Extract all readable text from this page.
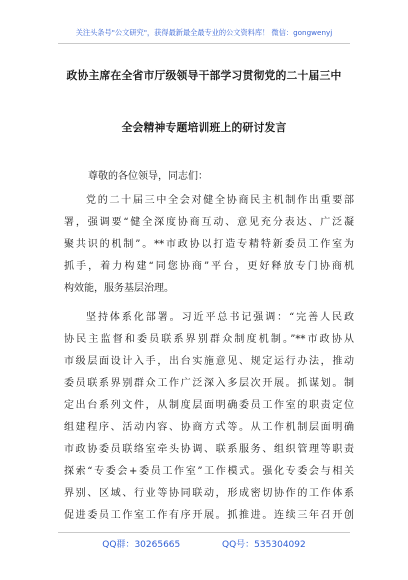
关注头条号"公文研究"，获得最新最全最专业的公文资料库！ 微信：gongwenyj
政协主席在全省市厅级领导干部学习贯彻党的二十届三中
全会精神专题培训班上的研讨发言
尊敬的各位领导，同志们：
党的二十届三中全会对健全协商民主机制作出重要部
署，强调要“健全深度协商互动、意见充分表达、广泛凝
聚共识的机制”。**市政协以打造专精特新委员工作室为
抓手，着力构建“同您协商”平台，更好释放专门协商机
构效能，服务基层治理。
坚持体系化部署。习近平总书记强调：“完善人民政
协民主监督和委员联系界别群众制度机制。”**市政协从
市级层面设计入手，出台实施意见、规定运行办法，推动
委员联系界别群众工作广泛深入多层次开展。抓谋划。制
定出台系列文件，从制度层面明确委员工作室的职责定位
组建程序、活动内容、协商方式等。从工作机制层面明确
市政协委员联络室牵头协调、联系服务、组织管理等职责
探索“专委会+委员工作室”工作模式。强化专委会与相关
界别、区域、行业等协同联动，形成密切协作的工作体系
促进委员工作室工作有序开展。抓推进。连续三年召开创
QQ群：30265665	QQ号：535304092
